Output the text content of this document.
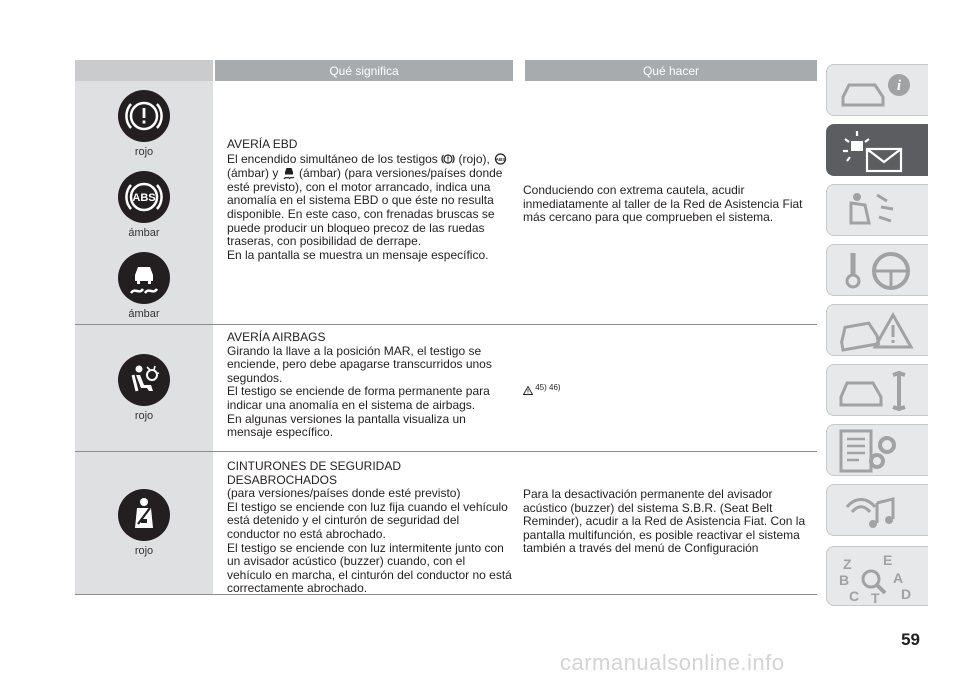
Qué significa	Qué hacer
rojo
ABS
ámbar
ámbar
AVERÍA EBD
El encendido simultáneo de los testigos  (rojo), ABS
(ámbar) y  (ámbar) (para versiones/países donde esté previsto), con el motor arrancado, indica una anomalía en el sistema EBD o que éste no resulta disponible. En este caso, con frenadas bruscas se puede producir un bloqueo precoz de las ruedas traseras, con posibilidad de derrape.
En la pantalla se muestra un mensaje específico.
Conduciendo con extrema cautela, acudir inmediatamente al taller de la Red de Asistencia Fiat más cercano para que comprueben el sistema.
rojo
AVERÍA AIRBAGS
Girando la llave a la posición MAR, el testigo se enciende, pero debe apagarse transcurridos unos segundos.
El testigo se enciende de forma permanente para indicar una anomalía en el sistema de airbags.
En algunas versiones la pantalla visualiza un mensaje específico.
45) 46)
rojo
CINTURONES DE SEGURIDAD DESABROCHADOS
(para versiones/países donde esté previsto)
El testigo se enciende con luz fija cuando el vehículo está detenido y el cinturón de seguridad del conductor no está abrochado.
El testigo se enciende con luz intermitente junto con un avisador acústico (buzzer) cuando, con el vehículo en marcha, el cinturón del conductor no está correctamente abrochado.
Para la desactivación permanente del avisador acústico (buzzer) del sistema S.B.R. (Seat Belt Reminder), acudir a la Red de Asistencia Fiat. Con la pantalla multifunción, es posible reactivar el sistema también a través del menú de Configuración
i
Z E
B	A
C T D
59
carmanualsonline.info
